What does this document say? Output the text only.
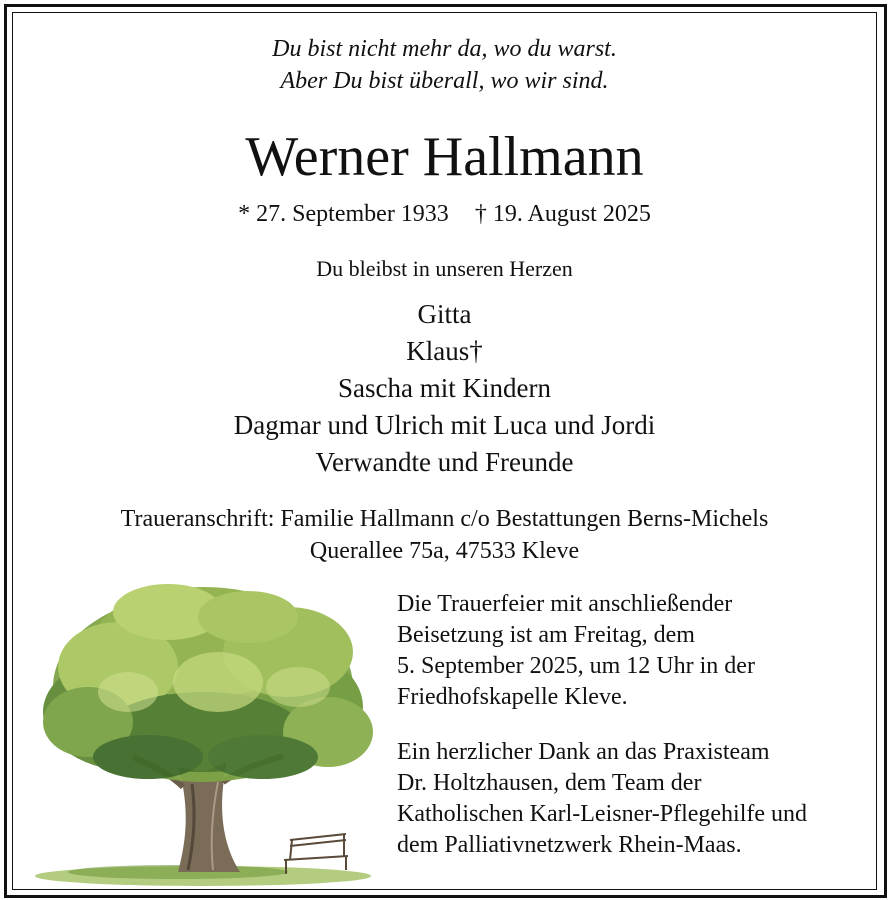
Du bist nicht mehr da, wo du warst.
Aber Du bist überall, wo wir sind.
Werner Hallmann
* 27. September 1933 † 19. August 2025
Du bleibst in unseren Herzen
Gitta
Klaus†
Sascha mit Kindern
Dagmar und Ulrich mit Luca und Jordi
Verwandte und Freunde
Traueranschrift: Familie Hallmann c/o Bestattungen Berns-Michels
Querallee 75a, 47533 Kleve
Die Trauerfeier mit anschließender
Beisetzung ist am Freitag, dem
5. September 2025, um 12 Uhr in der
Friedhofskapelle Kleve.
Ein herzlicher Dank an das Praxisteam
Dr. Holtzhausen, dem Team der
Katholischen Karl-Leisner-Pflegehilfe und
dem Palliativnetzwerk Rhein-Maas.
